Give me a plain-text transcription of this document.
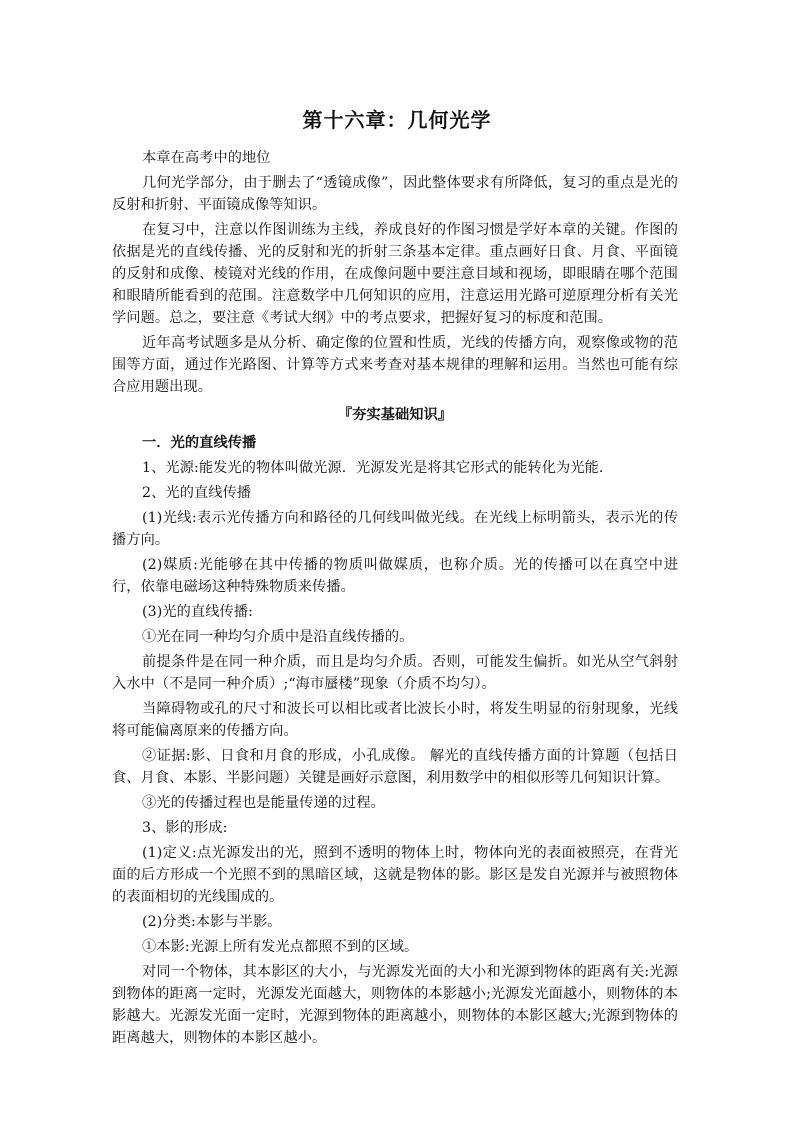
第十六章：几何光学

本章在高考中的地位

几何光学部分，由于删去了“透镜成像”，因此整体要求有所降低，复习的重点是光的反射和折射、平面镜成像等知识。

在复习中，注意以作图训练为主线，养成良好的作图习惯是学好本章的关键。作图的依据是光的直线传播、光的反射和光的折射三条基本定律。重点画好日食、月食、平面镜的反射和成像、棱镜对光线的作用，在成像问题中要注意目域和视场，即眼睛在哪个范围和眼睛所能看到的范围。注意数学中几何知识的应用，注意运用光路可逆原理分析有关光学问题。总之，要注意《考试大纲》中的考点要求，把握好复习的标度和范围。

近年高考试题多是从分析、确定像的位置和性质，光线的传播方向，观察像或物的范围等方面，通过作光路图、计算等方式来考查对基本规律的理解和运用。当然也可能有综合应用题出现。

『夯实基础知识』

一．光的直线传播

1、光源:能发光的物体叫做光源．光源发光是将其它形式的能转化为光能．

2、光的直线传播

(1)光线:表示光传播方向和路径的几何线叫做光线。在光线上标明箭头，表示光的传播方向。

(2)媒质:光能够在其中传播的物质叫做媒质，也称介质。光的传播可以在真空中进行，依靠电磁场这种特殊物质来传播。

(3)光的直线传播:

①光在同一种均匀介质中是沿直线传播的。

前提条件是在同一种介质，而且是均匀介质。否则，可能发生偏折。如光从空气斜射入水中（不是同一种介质）;“海市蜃楼”现象（介质不均匀）。

当障碍物或孔的尺寸和波长可以相比或者比波长小时，将发生明显的衍射现象，光线将可能偏离原来的传播方向。

②证据:影、日食和月食的形成，小孔成像。 解光的直线传播方面的计算题（包括日食、月食、本影、半影问题）关键是画好示意图，利用数学中的相似形等几何知识计算。

③光的传播过程也是能量传递的过程。

3、影的形成:

(1)定义:点光源发出的光，照到不透明的物体上时，物体向光的表面被照亮，在背光面的后方形成一个光照不到的黑暗区域，这就是物体的影。影区是发自光源并与被照物体的表面相切的光线围成的。

(2)分类:本影与半影。

①本影:光源上所有发光点都照不到的区域。

对同一个物体，其本影区的大小，与光源发光面的大小和光源到物体的距离有关:光源到物体的距离一定时，光源发光面越大，则物体的本影越小;光源发光面越小，则物体的本影越大。光源发光面一定时，光源到物体的距离越小，则物体的本影区越大;光源到物体的距离越大，则物体的本影区越小。
